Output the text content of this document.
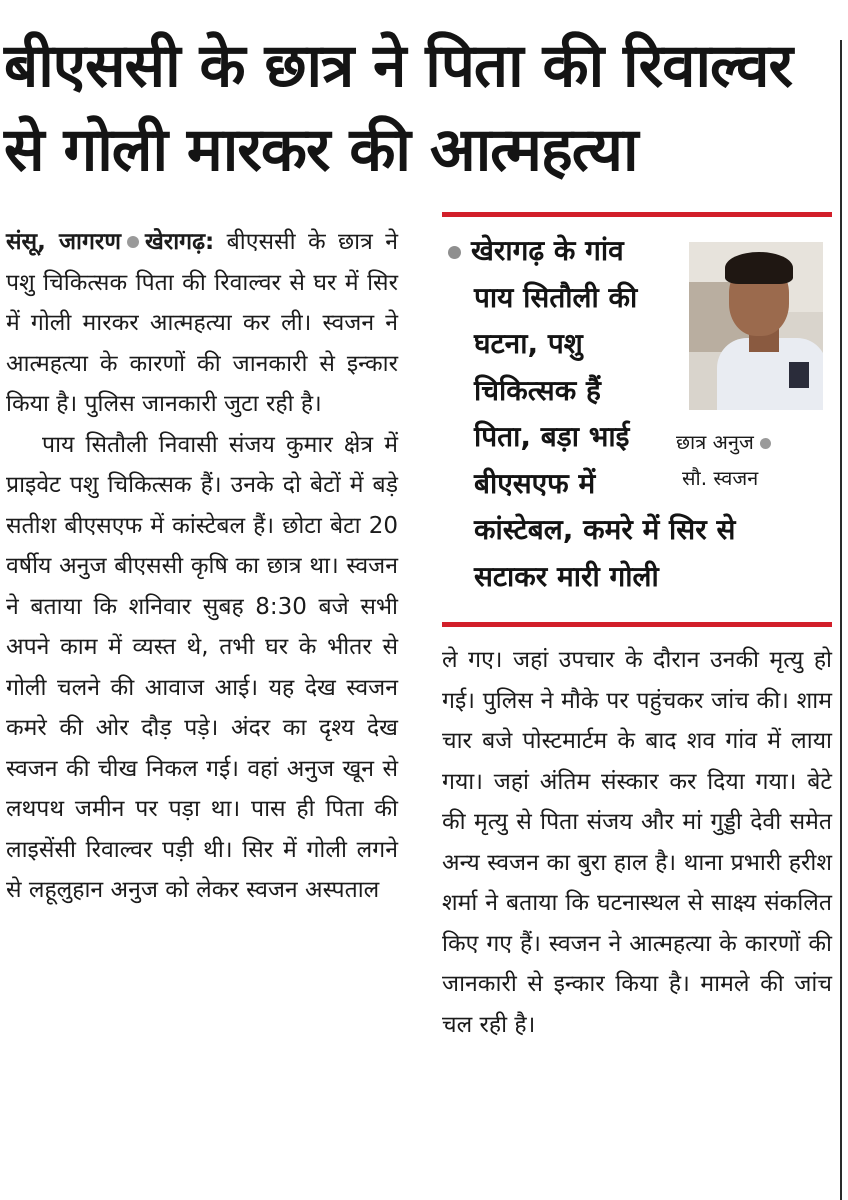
बीएससी के छात्र ने पिता की रिवाल्वर
से गोली मारकर की आत्महत्या

संसू, जागरण खेरागढ़: बीएससी के छात्र ने पशु चिकित्सक पिता की रिवाल्वर से घर में सिर में गोली मारकर आत्महत्या कर ली। स्वजन ने आत्महत्या के कारणों की जानकारी से इन्कार किया है। पुलिस जानकारी जुटा रही है।

पाय सितौली निवासी संजय कुमार क्षेत्र में प्राइवेट पशु चिकित्सक हैं। उनके दो बेटों में बड़े सतीश बीएसएफ में कांस्टेबल हैं। छोटा बेटा 20 वर्षीय अनुज बीएससी कृषि का छात्र था। स्वजन ने बताया कि शनिवार सुबह 8:30 बजे सभी अपने काम में व्यस्त थे, तभी घर के भीतर से गोली चलने की आवाज आई। यह देख स्वजन कमरे की ओर दौड़ पड़े। अंदर का दृश्य देख स्वजन की चीख निकल गई। वहां अनुज खून से लथपथ जमीन पर पड़ा था। पास ही पिता की लाइसेंसी रिवाल्वर पड़ी थी। सिर में गोली लगने से लहूलुहान अनुज को लेकर स्वजन अस्पताल

खेरागढ़ के गांव
पाय सितौली की
घटना, पशु
चिकित्सक हैं
पिता, बड़ा भाई
बीएसएफ में
कांस्टेबल, कमरे में सिर से
सटाकर मारी गोली
छात्र अनुज
सौ. स्वजन

ले गए। जहां उपचार के दौरान उनकी मृत्यु हो गई। पुलिस ने मौके पर पहुंचकर जांच की। शाम चार बजे पोस्टमार्टम के बाद शव गांव में लाया गया। जहां अंतिम संस्कार कर दिया गया। बेटे की मृत्यु से पिता संजय और मां गुड्डी देवी समेत अन्य स्वजन का बुरा हाल है। थाना प्रभारी हरीश शर्मा ने बताया कि घटनास्थल से साक्ष्य संकलित किए गए हैं। स्वजन ने आत्महत्या के कारणों की जानकारी से इन्कार किया है। मामले की जांच चल रही है।
